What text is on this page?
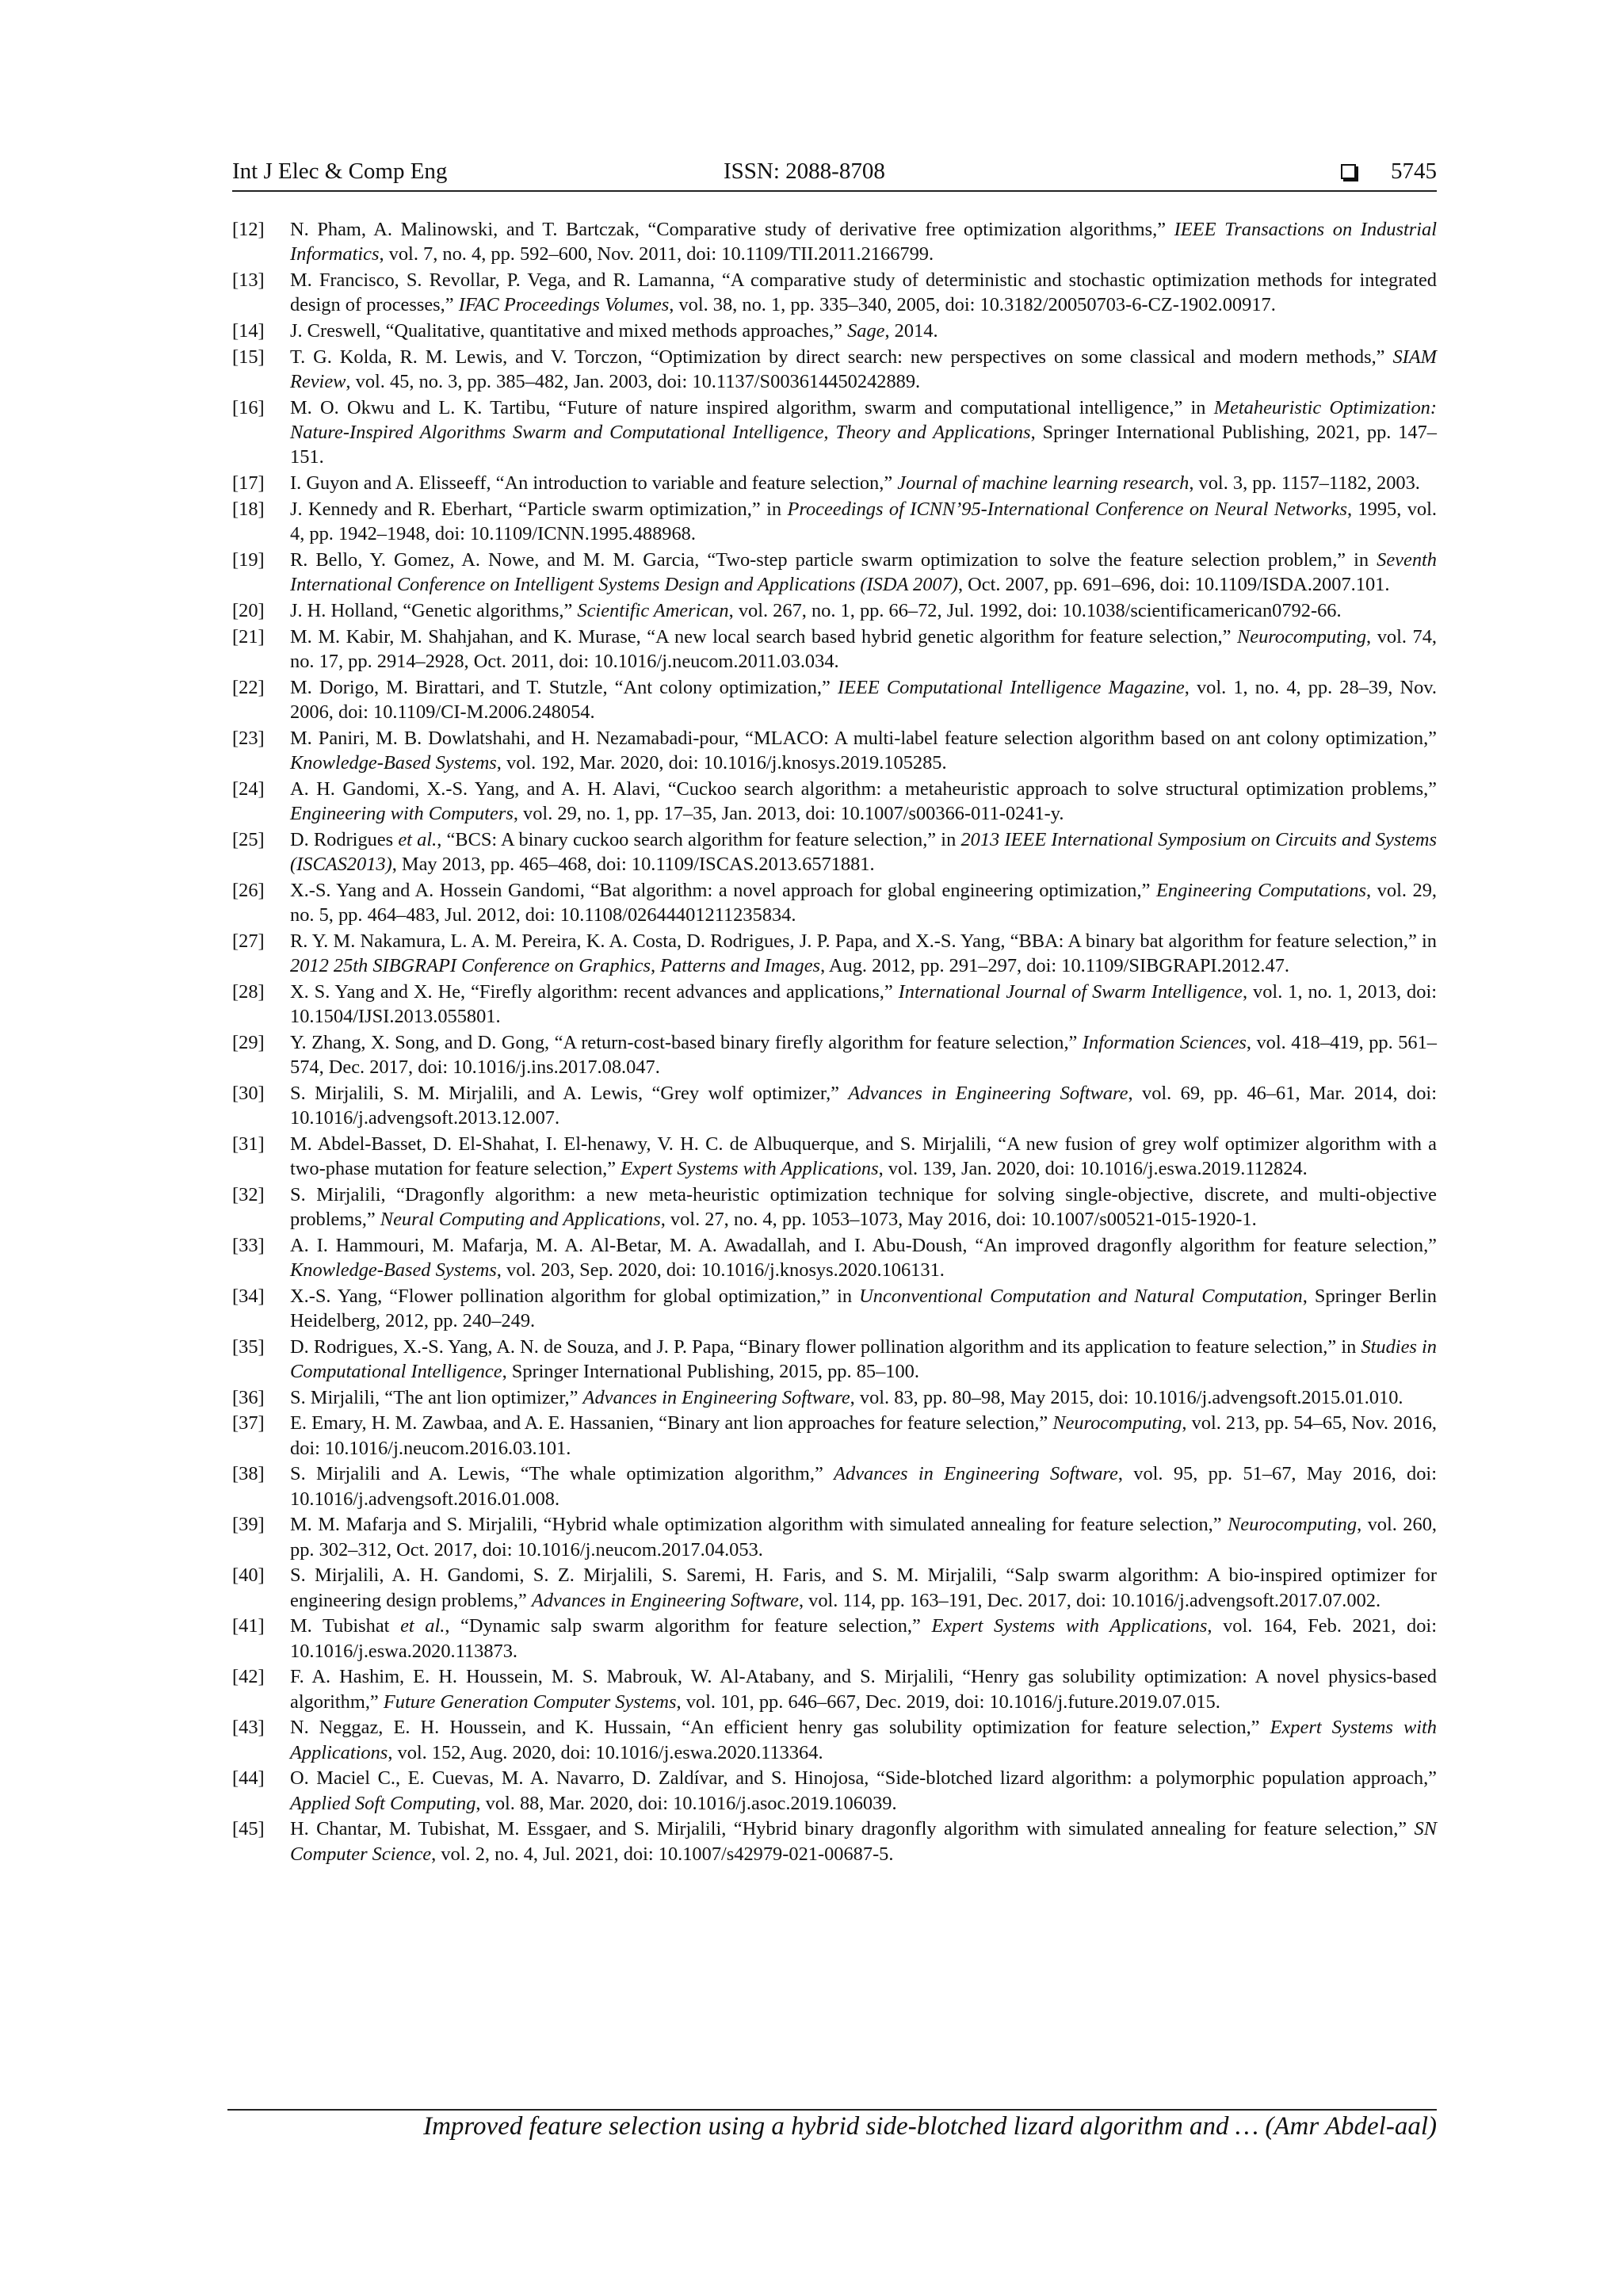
Int J Elec & Comp Eng	ISSN: 2088-8708	5745
[12]	N. Pham, A. Malinowski, and T. Bartczak, “Comparative study of derivative free optimization algorithms,” IEEE Transactions on Industrial Informatics, vol. 7, no. 4, pp. 592–600, Nov. 2011, doi: 10.1109/TII.2011.2166799.
[13]	M. Francisco, S. Revollar, P. Vega, and R. Lamanna, “A comparative study of deterministic and stochastic optimization methods for integrated design of processes,” IFAC Proceedings Volumes, vol. 38, no. 1, pp. 335–340, 2005, doi: 10.3182/20050703-6-CZ-1902.00917.
[14]	J. Creswell, “Qualitative, quantitative and mixed methods approaches,” Sage, 2014.
[15]	T. G. Kolda, R. M. Lewis, and V. Torczon, “Optimization by direct search: new perspectives on some classical and modern methods,” SIAM Review, vol. 45, no. 3, pp. 385–482, Jan. 2003, doi: 10.1137/S003614450242889.
[16]	M. O. Okwu and L. K. Tartibu, “Future of nature inspired algorithm, swarm and computational intelligence,” in Metaheuristic Optimization: Nature-Inspired Algorithms Swarm and Computational Intelligence, Theory and Applications, Springer International Publishing, 2021, pp. 147–151.
[17]	I. Guyon and A. Elisseeff, “An introduction to variable and feature selection,” Journal of machine learning research, vol. 3, pp. 1157–1182, 2003.
[18]	J. Kennedy and R. Eberhart, “Particle swarm optimization,” in Proceedings of ICNN’95-International Conference on Neural Networks, 1995, vol. 4, pp. 1942–1948, doi: 10.1109/ICNN.1995.488968.
[19]	R. Bello, Y. Gomez, A. Nowe, and M. M. Garcia, “Two-step particle swarm optimization to solve the feature selection problem,” in Seventh International Conference on Intelligent Systems Design and Applications (ISDA 2007), Oct. 2007, pp. 691–696, doi: 10.1109/ISDA.2007.101.
[20]	J. H. Holland, “Genetic algorithms,” Scientific American, vol. 267, no. 1, pp. 66–72, Jul. 1992, doi: 10.1038/scientificamerican0792-66.
[21]	M. M. Kabir, M. Shahjahan, and K. Murase, “A new local search based hybrid genetic algorithm for feature selection,” Neurocomputing, vol. 74, no. 17, pp. 2914–2928, Oct. 2011, doi: 10.1016/j.neucom.2011.03.034.
[22]	M. Dorigo, M. Birattari, and T. Stutzle, “Ant colony optimization,” IEEE Computational Intelligence Magazine, vol. 1, no. 4, pp. 28–39, Nov. 2006, doi: 10.1109/CI-M.2006.248054.
[23]	M. Paniri, M. B. Dowlatshahi, and H. Nezamabadi-pour, “MLACO: A multi-label feature selection algorithm based on ant colony optimization,” Knowledge-Based Systems, vol. 192, Mar. 2020, doi: 10.1016/j.knosys.2019.105285.
[24]	A. H. Gandomi, X.-S. Yang, and A. H. Alavi, “Cuckoo search algorithm: a metaheuristic approach to solve structural optimization problems,” Engineering with Computers, vol. 29, no. 1, pp. 17–35, Jan. 2013, doi: 10.1007/s00366-011-0241-y.
[25]	D. Rodrigues et al., “BCS: A binary cuckoo search algorithm for feature selection,” in 2013 IEEE International Symposium on Circuits and Systems (ISCAS2013), May 2013, pp. 465–468, doi: 10.1109/ISCAS.2013.6571881.
[26]	X.-S. Yang and A. Hossein Gandomi, “Bat algorithm: a novel approach for global engineering optimization,” Engineering Computations, vol. 29, no. 5, pp. 464–483, Jul. 2012, doi: 10.1108/02644401211235834.
[27]	R. Y. M. Nakamura, L. A. M. Pereira, K. A. Costa, D. Rodrigues, J. P. Papa, and X.-S. Yang, “BBA: A binary bat algorithm for feature selection,” in 2012 25th SIBGRAPI Conference on Graphics, Patterns and Images, Aug. 2012, pp. 291–297, doi: 10.1109/SIBGRAPI.2012.47.
[28]	X. S. Yang and X. He, “Firefly algorithm: recent advances and applications,” International Journal of Swarm Intelligence, vol. 1, no. 1, 2013, doi: 10.1504/IJSI.2013.055801.
[29]	Y. Zhang, X. Song, and D. Gong, “A return-cost-based binary firefly algorithm for feature selection,” Information Sciences, vol. 418–419, pp. 561–574, Dec. 2017, doi: 10.1016/j.ins.2017.08.047.
[30]	S. Mirjalili, S. M. Mirjalili, and A. Lewis, “Grey wolf optimizer,” Advances in Engineering Software, vol. 69, pp. 46–61, Mar. 2014, doi: 10.1016/j.advengsoft.2013.12.007.
[31]	M. Abdel-Basset, D. El-Shahat, I. El-henawy, V. H. C. de Albuquerque, and S. Mirjalili, “A new fusion of grey wolf optimizer algorithm with a two-phase mutation for feature selection,” Expert Systems with Applications, vol. 139, Jan. 2020, doi: 10.1016/j.eswa.2019.112824.
[32]	S. Mirjalili, “Dragonfly algorithm: a new meta-heuristic optimization technique for solving single-objective, discrete, and multi-objective problems,” Neural Computing and Applications, vol. 27, no. 4, pp. 1053–1073, May 2016, doi: 10.1007/s00521-015-1920-1.
[33]	A. I. Hammouri, M. Mafarja, M. A. Al-Betar, M. A. Awadallah, and I. Abu-Doush, “An improved dragonfly algorithm for feature selection,” Knowledge-Based Systems, vol. 203, Sep. 2020, doi: 10.1016/j.knosys.2020.106131.
[34]	X.-S. Yang, “Flower pollination algorithm for global optimization,” in Unconventional Computation and Natural Computation, Springer Berlin Heidelberg, 2012, pp. 240–249.
[35]	D. Rodrigues, X.-S. Yang, A. N. de Souza, and J. P. Papa, “Binary flower pollination algorithm and its application to feature selection,” in Studies in Computational Intelligence, Springer International Publishing, 2015, pp. 85–100.
[36]	S. Mirjalili, “The ant lion optimizer,” Advances in Engineering Software, vol. 83, pp. 80–98, May 2015, doi: 10.1016/j.advengsoft.2015.01.010.
[37]	E. Emary, H. M. Zawbaa, and A. E. Hassanien, “Binary ant lion approaches for feature selection,” Neurocomputing, vol. 213, pp. 54–65, Nov. 2016, doi: 10.1016/j.neucom.2016.03.101.
[38]	S. Mirjalili and A. Lewis, “The whale optimization algorithm,” Advances in Engineering Software, vol. 95, pp. 51–67, May 2016, doi: 10.1016/j.advengsoft.2016.01.008.
[39]	M. M. Mafarja and S. Mirjalili, “Hybrid whale optimization algorithm with simulated annealing for feature selection,” Neurocomputing, vol. 260, pp. 302–312, Oct. 2017, doi: 10.1016/j.neucom.2017.04.053.
[40]	S. Mirjalili, A. H. Gandomi, S. Z. Mirjalili, S. Saremi, H. Faris, and S. M. Mirjalili, “Salp swarm algorithm: A bio-inspired optimizer for engineering design problems,” Advances in Engineering Software, vol. 114, pp. 163–191, Dec. 2017, doi: 10.1016/j.advengsoft.2017.07.002.
[41]	M. Tubishat et al., “Dynamic salp swarm algorithm for feature selection,” Expert Systems with Applications, vol. 164, Feb. 2021, doi: 10.1016/j.eswa.2020.113873.
[42]	F. A. Hashim, E. H. Houssein, M. S. Mabrouk, W. Al-Atabany, and S. Mirjalili, “Henry gas solubility optimization: A novel physics-based algorithm,” Future Generation Computer Systems, vol. 101, pp. 646–667, Dec. 2019, doi: 10.1016/j.future.2019.07.015.
[43]	N. Neggaz, E. H. Houssein, and K. Hussain, “An efficient henry gas solubility optimization for feature selection,” Expert Systems with Applications, vol. 152, Aug. 2020, doi: 10.1016/j.eswa.2020.113364.
[44]	O. Maciel C., E. Cuevas, M. A. Navarro, D. Zaldívar, and S. Hinojosa, “Side-blotched lizard algorithm: a polymorphic population approach,” Applied Soft Computing, vol. 88, Mar. 2020, doi: 10.1016/j.asoc.2019.106039.
[45]	H. Chantar, M. Tubishat, M. Essgaer, and S. Mirjalili, “Hybrid binary dragonfly algorithm with simulated annealing for feature selection,” SN Computer Science, vol. 2, no. 4, Jul. 2021, doi: 10.1007/s42979-021-00687-5.
Improved feature selection using a hybrid side-blotched lizard algorithm and … (Amr Abdel-aal)
